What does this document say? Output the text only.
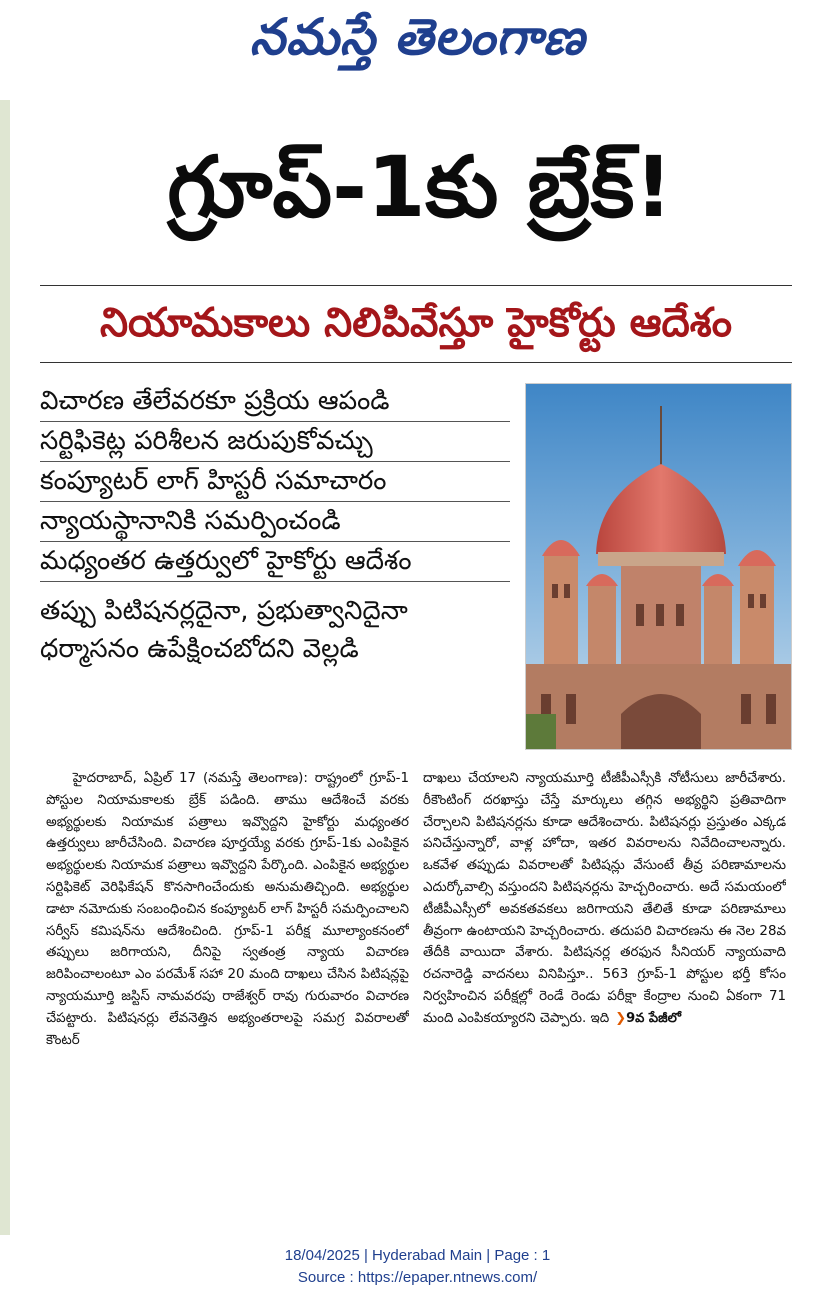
నమస్తే తెలంగాణ
గ్రూప్-1కు బ్రేక్!
నియామకాలు నిలిపివేస్తూ హైకోర్టు ఆదేశం
విచారణ తేలేవరకూ ప్రక్రియ ఆపండి
సర్టిఫికెట్ల పరిశీలన జరుపుకోవచ్చు
కంప్యూటర్ లాగ్ హిస్టరీ సమాచారం
న్యాయస్థానానికి సమర్పించండి
మధ్యంతర ఉత్తర్వులో హైకోర్టు ఆదేశం
తప్పు పిటిషనర్లదైనా, ప్రభుత్వానిదైనా
ధర్మాసనం ఉపేక్షించబోదని వెల్లడి

హైదరాబాద్, ఏప్రిల్ 17 (నమస్తే తెలంగాణ): రాష్ట్రంలో గ్రూప్-1 పోస్టుల నియామకాలకు బ్రేక్ పడింది. తాము ఆదేశించే వరకు అభ్యర్థులకు నియామక పత్రాలు ఇవ్వొద్దని హైకోర్టు మధ్యంతర ఉత్తర్వులు జారీచేసింది. విచారణ పూర్తయ్యే వరకు గ్రూప్-1కు ఎంపికైన అభ్యర్థులకు నియామక పత్రాలు ఇవ్వొద్దని పేర్కొంది. ఎంపికైన అభ్యర్థుల సర్టిఫికెట్ వెరిఫికేషన్ కొనసాగించేందుకు అనుమతిచ్చింది. అభ్యర్థుల డాటా నమోదుకు సంబంధించిన కంప్యూటర్ లాగ్ హిస్టరీ సమర్పించాలని సర్వీస్ కమిషన్‌ను ఆదేశించింది. గ్రూప్-1 పరీక్ష మూల్యాంకనంలో తప్పులు జరిగాయని, దీనిపై స్వతంత్ర న్యాయ విచారణ జరిపించాలంటూ ఎం పరమేశ్ సహా 20 మంది దాఖలు చేసిన పిటిషన్లపై న్యాయమూర్తి జస్టిస్ నామవరపు రాజేశ్వర్ రావు గురువారం విచారణ చేపట్టారు. పిటిషనర్లు లేవనెత్తిన అభ్యంతరాలపై సమగ్ర వివరాలతో కౌంటర్

దాఖలు చేయాలని న్యాయమూర్తి టీజీపీఎస్సీకి నోటీసులు జారీచేశారు. రీకౌంటింగ్ దరఖాస్తు చేస్తే మార్కులు తగ్గిన అభ్యర్థిని ప్రతివాదిగా చేర్చాలని పిటిషనర్లను కూడా ఆదేశించారు. పిటిషనర్లు ప్రస్తుతం ఎక్కడ పనిచేస్తున్నారో, వాళ్ల హోదా, ఇతర వివరాలను నివేదించాలన్నారు. ఒకవేళ తప్పుడు వివరాలతో పిటిషన్లు వేసుంటే తీవ్ర పరిణామాలను ఎదుర్కోవాల్సి వస్తుందని పిటిషనర్లను హెచ్చరించారు. అదే సమయంలో టీజీపీఎస్సీలో అవకతవకలు జరిగాయని తేలితే కూడా పరిణామాలు తీవ్రంగా ఉంటాయని హెచ్చరించారు. తదుపరి విచారణను ఈ నెల 28వ తేదీకి వాయిదా వేశారు. పిటిషనర్ల తరఫున సీనియర్ న్యాయవాది రచనారెడ్డి వాదనలు వినిపిస్తూ.. 563 గ్రూప్-1 పోస్టుల భర్తీ కోసం నిర్వహించిన పరీక్షల్లో రెండే రెండు పరీక్షా కేంద్రాల నుంచి ఏకంగా 71 మంది ఎంపికయ్యారని చెప్పారు. ఇది ❯9వ పేజీలో

18/04/2025 | Hyderabad Main | Page : 1
Source : https://epaper.ntnews.com/
